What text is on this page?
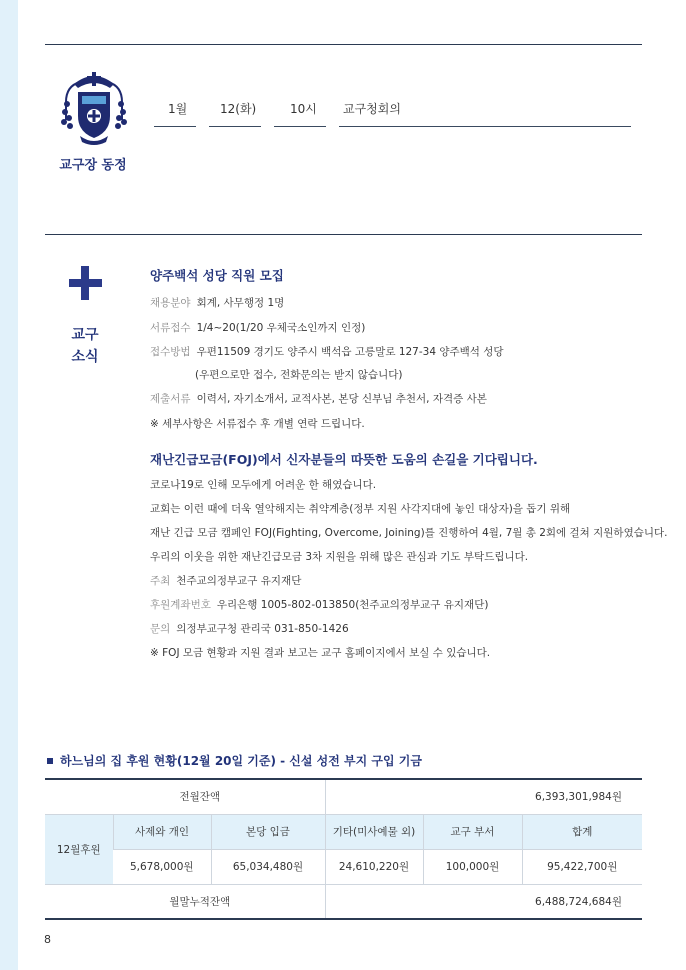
교구장 동정
1월	12(화)	10시 교구청회의
교구
소식
양주백석 성당 직원 모집
채용분야 회계, 사무행정 1명
서류접수 1/4~20(1/20 우체국소인까지 인정)
접수방법 우편11509 경기도 양주시 백석읍 고릉말로 127-34 양주백석 성당
(우편으로만 접수, 전화문의는 받지 않습니다)
제출서류 이력서, 자기소개서, 교적사본, 본당 신부님 추천서, 자격증 사본
※ 세부사항은 서류접수 후 개별 연락 드립니다.
재난긴급모금(FOJ)에서 신자분들의 따뜻한 도움의 손길을 기다립니다.
코로나19로 인해 모두에게 어려운 한 해였습니다.
교회는 이런 때에 더욱 열악해지는 취약계층(정부 지원 사각지대에 놓인 대상자)을 돕기 위해
재난 긴급 모금 캠페인 FOJ(Fighting, Overcome, Joining)를 진행하여 4월, 7월 총 2회에 걸쳐 지원하였습니다.
우리의 이웃을 위한 재난긴급모금 3차 지원을 위해 많은 관심과 기도 부탁드립니다.
주최 천주교의정부교구 유지재단
후원계좌번호 우리은행 1005-802-013850(천주교의정부교구 유지재단)
문의 의정부교구청 관리국 031-850-1426
※ FOJ 모금 현황과 지원 결과 보고는 교구 홈페이지에서 보실 수 있습니다.
하느님의 집 후원 현황(12월 20일 기준) - 신설 성전 부지 구입 기금
전월잔액			6,393,301,984원		
12월후원	사제와 개인	본당 입금	기타(미사예물 외)	교구 부서	합계
	5,678,000원	65,034,480원	24,610,220원	100,000원	95,422,700원
월말누적잔액			6,488,724,684원		
8
